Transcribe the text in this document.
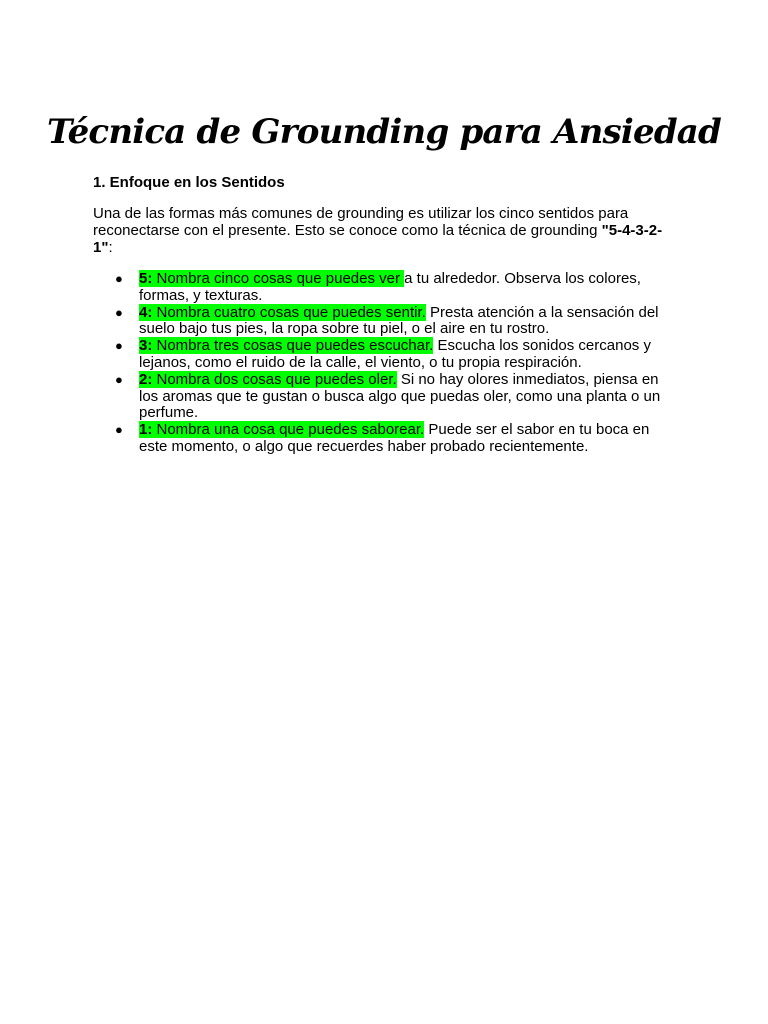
Técnica de Grounding para Ansiedad
1. Enfoque en los Sentidos

Una de las formas más comunes de grounding es utilizar los cinco sentidos para reconectarse con el presente. Esto se conoce como la técnica de grounding "5-4-3-2-1":

● 5: Nombra cinco cosas que puedes ver a tu alrededor. Observa los colores, formas, y texturas.
● 4: Nombra cuatro cosas que puedes sentir. Presta atención a la sensación del suelo bajo tus pies, la ropa sobre tu piel, o el aire en tu rostro.
● 3: Nombra tres cosas que puedes escuchar. Escucha los sonidos cercanos y lejanos, como el ruido de la calle, el viento, o tu propia respiración.
● 2: Nombra dos cosas que puedes oler. Si no hay olores inmediatos, piensa en los aromas que te gustan o busca algo que puedas oler, como una planta o un perfume.
● 1: Nombra una cosa que puedes saborear. Puede ser el sabor en tu boca en este momento, o algo que recuerdes haber probado recientemente.
